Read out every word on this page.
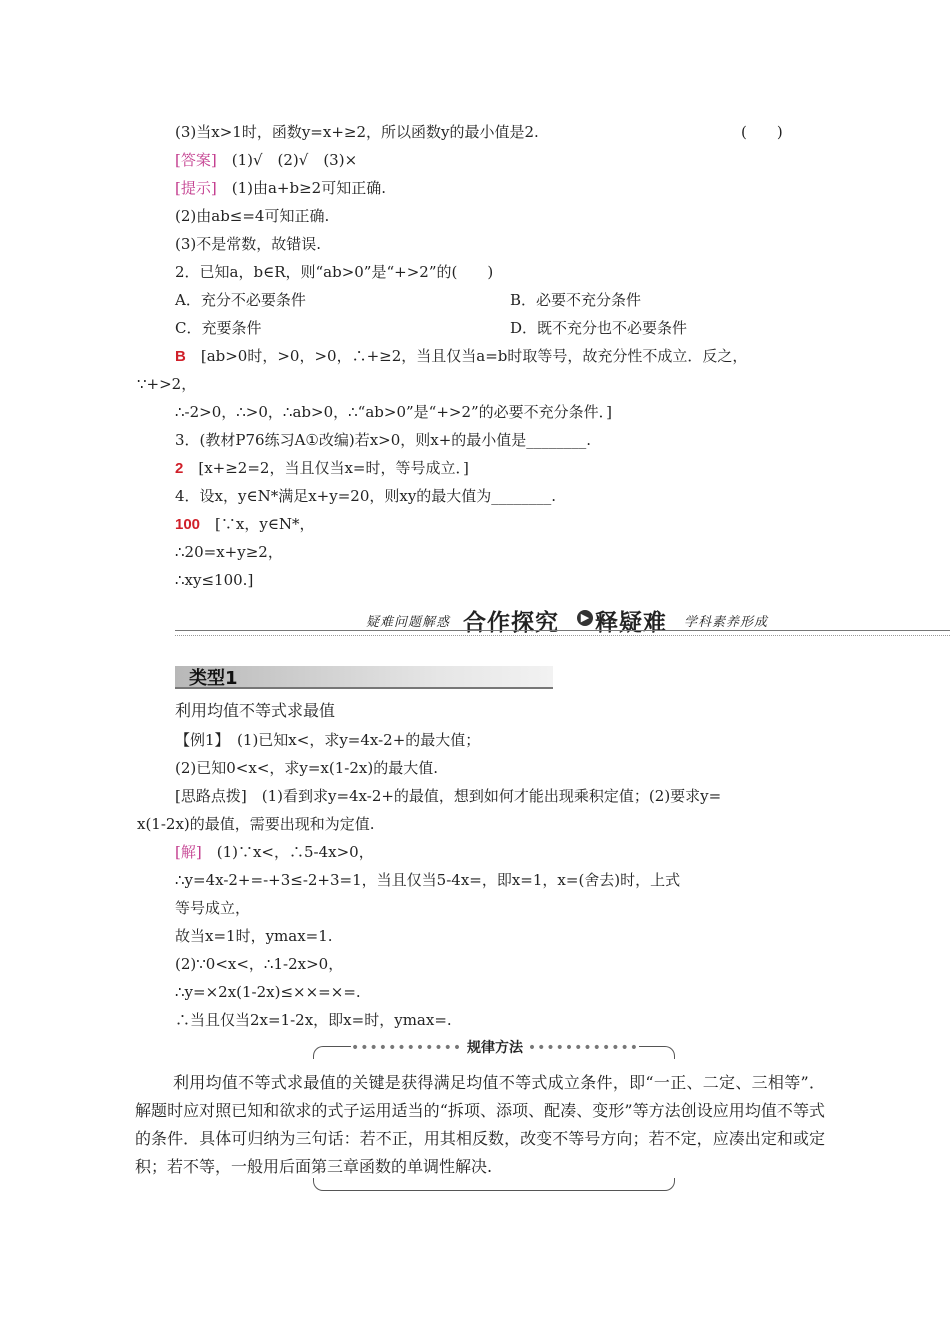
(3)当x>1时，函数y=x+≥2，所以函数y的最小值是2.	(　　)
[答案]　(1)√　(2)√　(3)×
[提示]　(1)由a+b≥2可知正确.
(2)由ab≤=4可知正确.
(3)不是常数，故错误.
2．已知a，b∈R，则“ab>0”是“+>2”的(　　)
A．充分不必要条件	B．必要不充分条件
C．充要条件	D．既不充分也不必要条件
B　[ab>0时，>0，>0，∴+≥2，当且仅当a=b时取等号，故充分性不成立．反之，
∵+>2，
∴-2>0，∴>0，∴ab>0，∴“ab>0”是“+>2”的必要不充分条件．]
3．(教材P76练习A①改编)若x>0，则x+的最小值是________.
2　[x+≥2=2，当且仅当x=时，等号成立．]
4．设x，y∈N*满足x+y=20，则xy的最大值为________.
100　[∵x，y∈N*，
∴20=x+y≥2，
∴xy≤100.]
疑难问题解惑 合作探究	▶ 释疑难 学科素养形成
类型1
利用均值不等式求最值
【例1】　(1)已知x<，求y=4x-2+的最大值；
(2)已知0<x<，求y=x(1-2x)的最大值.
[思路点拨]　(1)看到求y=4x-2+的最值，想到如何才能出现乘积定值；(2)要求y=
x(1-2x)的最值，需要出现和为定值.
[解]　(1)∵x<，∴5-4x>0，
∴y=4x-2+=-+3≤-2+3=1，当且仅当5-4x=，即x=1，x=(舍去)时，上式
等号成立，
故当x=1时，ymax=1.
(2)∵0<x<，∴1-2x>0，
∴y=×2x(1-2x)≤××=×=.
∴当且仅当2x=1-2x，即x=时，ymax=.
•••••••••••• 规律方法 ••••••••••••
利用均值不等式求最值的关键是获得满足均值不等式成立条件，即“一正、二定、三相等”．解题时应对照已知和欲求的式子运用适当的“拆项、添项、配凑、变形”等方法创设应用均值不等式的条件．具体可归纳为三句话：若不正，用其相反数，改变不等号方向；若不定，应凑出定和或定积；若不等，一般用后面第三章函数的单调性解决.
